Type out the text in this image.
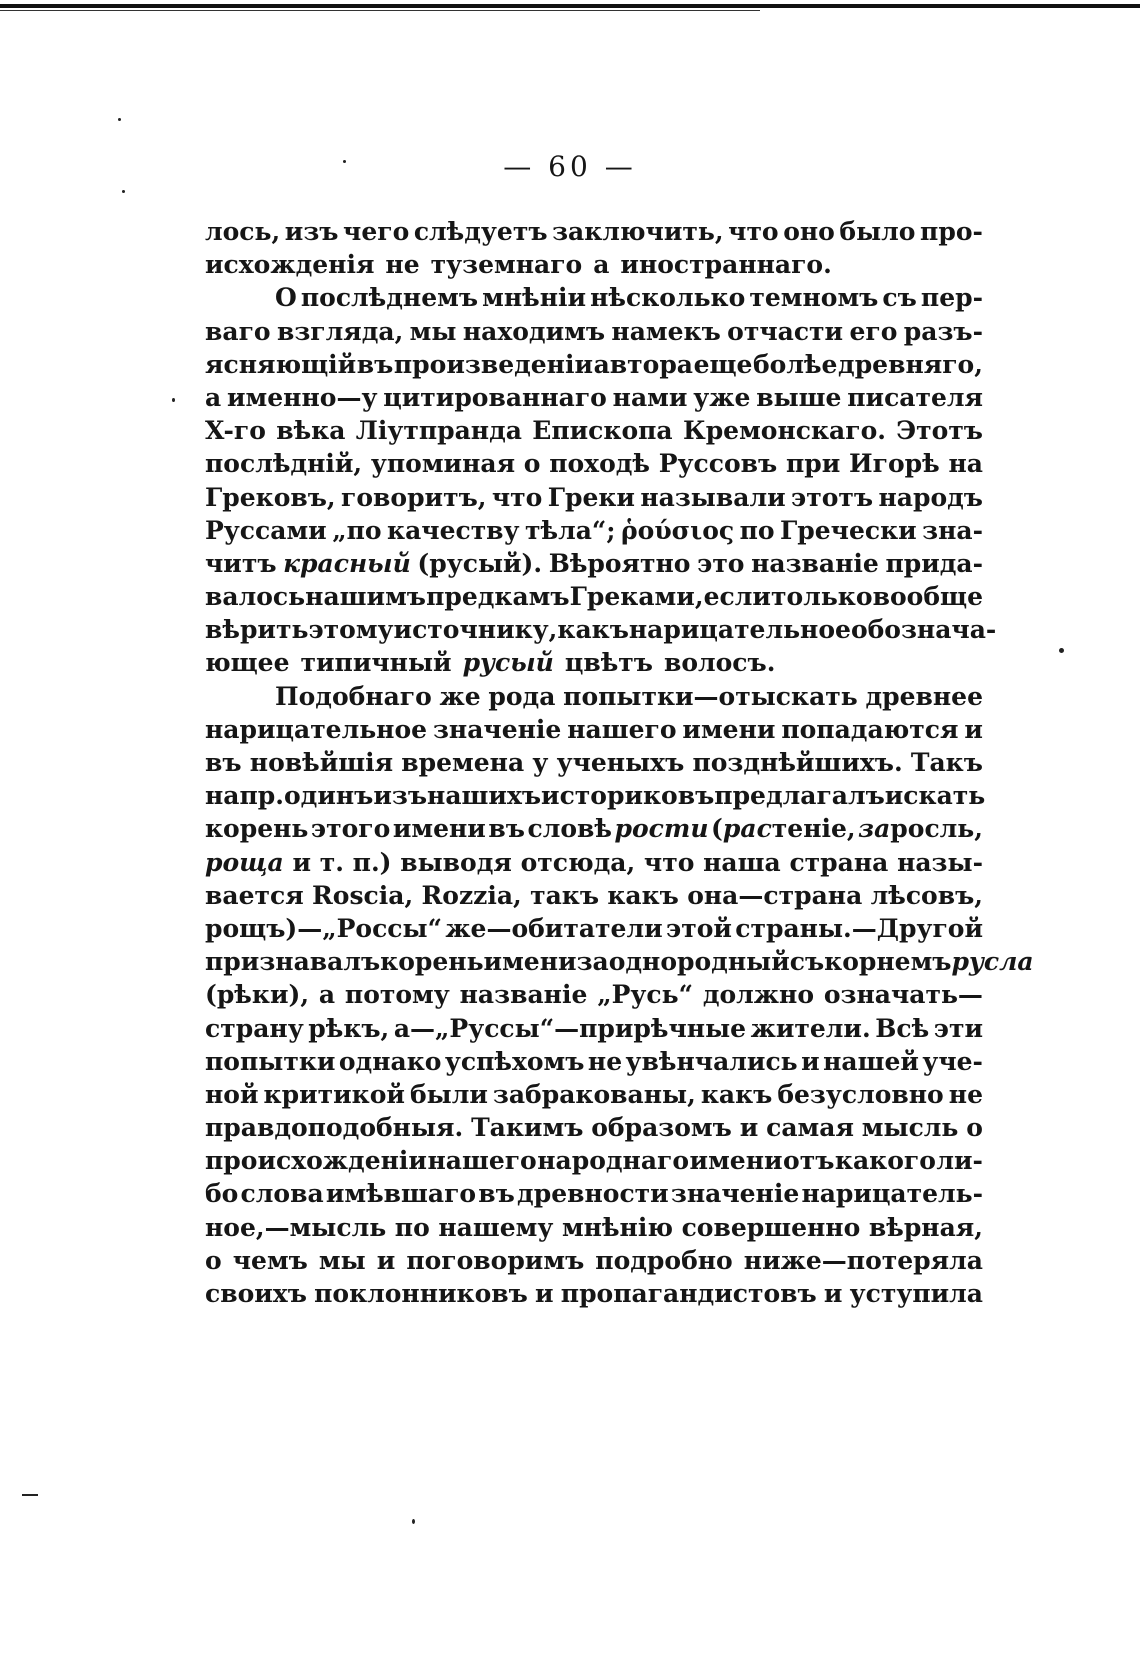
— 60 —
лось, изъ чего слѣдуетъ заключить, что оно было про-
исхожденія не туземнаго а иностраннаго.
О послѣднемъ мнѣніи нѣсколько темномъ съ пер-
ваго взгляда, мы находимъ намекъ отчасти его разъ-
ясняющій въ произведеніи автора еще болѣе древняго,
а именно—у цитированнаго нами уже выше писателя
X-го вѣка Ліутпранда Епископа Кремонскаго. Этотъ
послѣдній, упоминая о походѣ Руссовъ при Игорѣ на
Грековъ, говоритъ, что Греки называли этотъ народъ
Руссами „по качеству тѣла“; ῥούσιος по Гречески зна-
читъ красный (русый). Вѣроятно это названіе прида-
валось нашимъ предкамъ Греками, если только вообще
вѣрить этому источнику, какъ нарицательное обозначa-
ющее типичный русый цвѣтъ волосъ.
Подобнаго же рода попытки—отыскать древнее
нарицательное значеніе нашего имени попадаются и
въ новѣйшія времена у ученыхъ позднѣйшихъ. Такъ
напр. одинъ изъ нашихъ историковъ предлагалъ искать
корень этого имени въ словѣ рости (растеніе, зароcль,
роща и т. п.) выводя отсюда, что наша страна назы-
вается Roscia, Rozzia, такъ какъ она—страна лѣсовъ,
рощъ)—„Россы“ же—обитатели этой страны.—Другой
признавалъ корень имени за однородный съ корнемъ русла
(рѣки), а потому названіе „Русь“ должно означать—
страну рѣкъ, а—„Руссы“—прирѣчные жители. Всѣ эти
попытки однако успѣхомъ не увѣнчались и нашей уче-
ной критикой были забракованы, какъ безусловно не
правдоподобныя. Такимъ образомъ и самая мысль о
происхожденіи нашего народнаго имени отъ какого ли-
бо слова имѣвшаго въ древности значеніе нарицатель-
ное,—мысль по нашему мнѣнію совершенно вѣрная,
о чемъ мы и поговоримъ подробно ниже—потеряла
своихъ поклонниковъ и пропагандистовъ и уступила
